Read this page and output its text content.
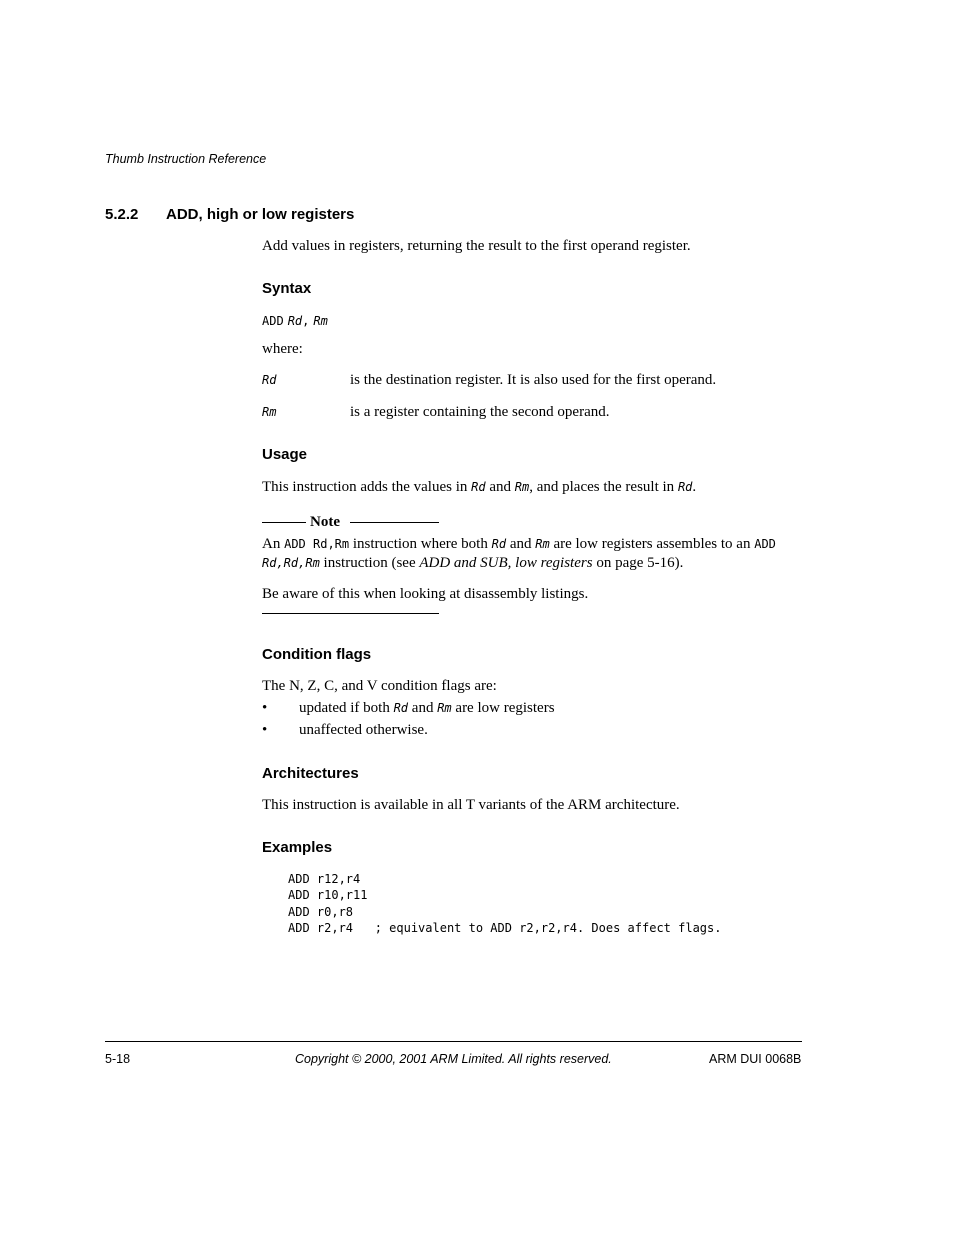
Thumb Instruction Reference
5.2.2 ADD, high or low registers
Add values in registers, returning the result to the first operand register.
Syntax
ADD Rd, Rm
where:
Rd	is the destination register. It is also used for the first operand.
Rm	is a register containing the second operand.
Usage
This instruction adds the values in Rd and Rm, and places the result in Rd.
Note
An ADD Rd,Rm instruction where both Rd and Rm are low registers assembles to an ADD
Rd,Rd,Rm instruction (see ADD and SUB, low registers on page 5-16).
Be aware of this when looking at disassembly listings.
Condition flags
The N, Z, C, and V condition flags are:
• updated if both Rd and Rm are low registers
• unaffected otherwise.
Architectures
This instruction is available in all T variants of the ARM architecture.
Examples
ADD r12,r4
ADD r10,r11
ADD r0,r8
ADD r2,r4   ; equivalent to ADD r2,r2,r4. Does affect flags.
5-18	Copyright © 2000, 2001 ARM Limited. All rights reserved.	ARM DUI 0068B
